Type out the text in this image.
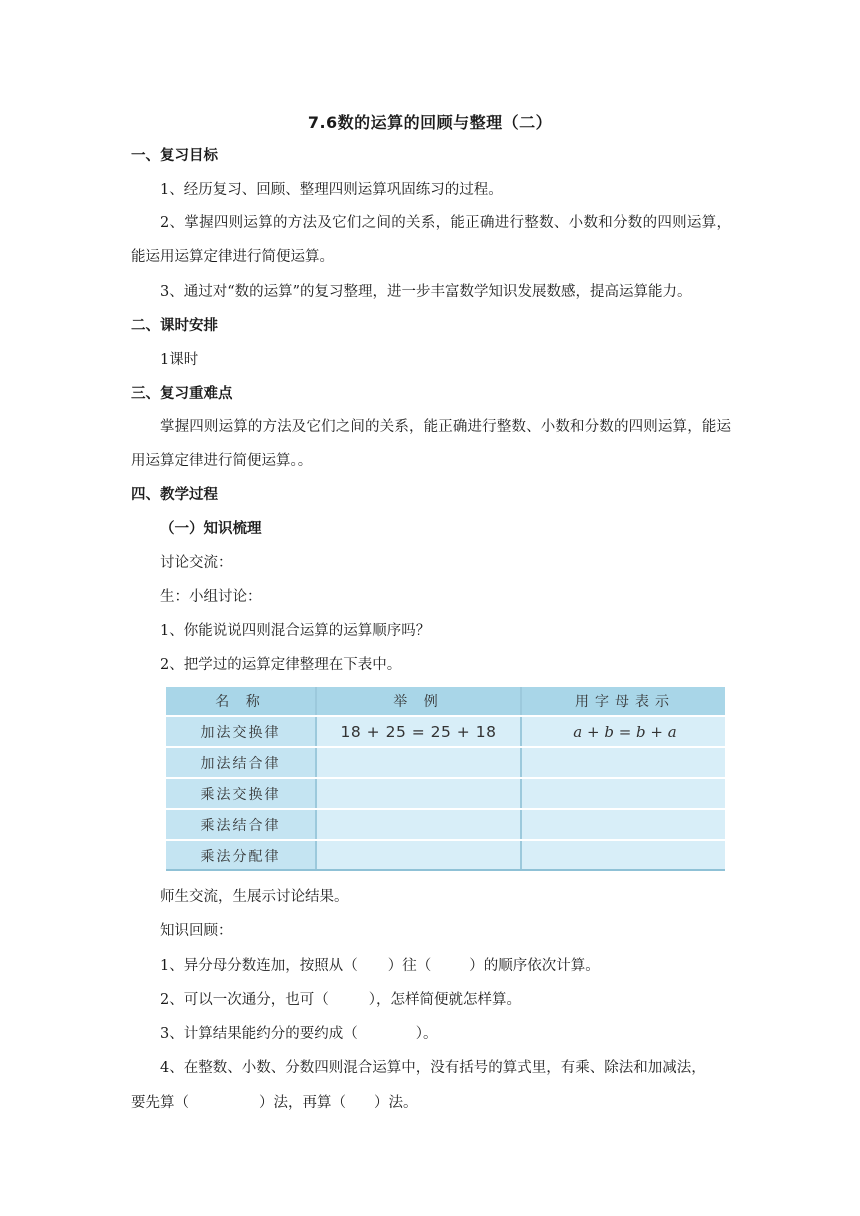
7.6数的运算的回顾与整理（二）
一、复习目标
1、经历复习、回顾、整理四则运算巩固练习的过程。
2、掌握四则运算的方法及它们之间的关系，能正确进行整数、小数和分数的四则运算，能运用运算定律进行简便运算。
3、通过对“数的运算”的复习整理，进一步丰富数学知识发展数感，提高运算能力。
二、课时安排
1课时
三、复习重难点
掌握四则运算的方法及它们之间的关系，能正确进行整数、小数和分数的四则运算，能运用运算定律进行简便运算。。
四、教学过程
（一）知识梳理
讨论交流：
生：小组讨论：
1、你能说说四则混合运算的运算顺序吗？
2、把学过的运算定律整理在下表中。
名 称	举 例	用字母表示
加法交换律	18 + 25 = 25 + 18	a + b = b + a
加法结合律		
乘法交换律		
乘法结合律		
乘法分配律		
师生交流，生展示讨论结果。
知识回顾：
1、异分母分数连加，按照从（ ）往（	）的顺序依次计算。
2、可以一次通分，也可（	），怎样简便就怎样算。
3、计算结果能约分的要约成（	）。
4、在整数、小数、分数四则混合运算中，没有括号的算式里，有乘、除法和加减法，
要先算（	）法，再算（ ）法。
